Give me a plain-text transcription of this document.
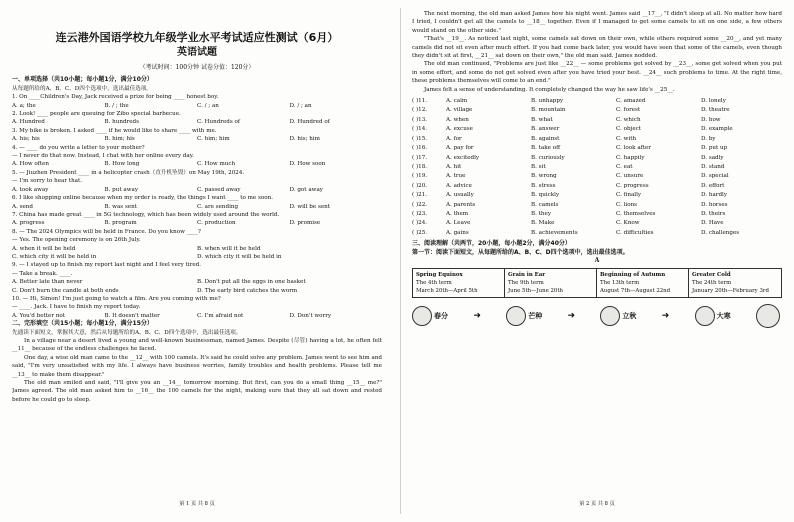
连云港外国语学校九年级学业水平考试适应性测试（6月）
英语试题
（考试时间：100分钟 试卷分值：120分）
一、单项选择（共10小题；每小题1分，满分10分）
从每题所给的A、B、C、D四个选项中，选出最佳选项。
1. On ____Children's Day, Jack received a prize for being ____ honest boy.
A. a; the	B. / ; the	C. / ; an	D. / ; an
2. Look! ____ people are queuing for Zibo special barbecue.
A. Hundred	B. hundreds	C. Hundreds of	D. Hundred of
3. My bike is broken. I asked ____ if he would like to share ____ with me.
A. his; his	B. him; his	C. him; him	D. his; him
4. — ____ do you write a letter to your mother?
— I never do that now. Instead, I chat with her online every day.
A. How often	B. How long	C. How much	D. How soon
5. — Jiuzhen President ____ in a helicopter crash（直升机坠毁）on May 19th, 2024.
— I'm sorry to hear that.
A. took away	B. put away	C. passed away	D. got away
6. I like shopping online because when my order is ready, the things I want ____ to me soon.
A. send	B. was sent	C. are sending	D. will be sent
7. China has made great ____ in 5G technology, which has been widely used around the world.
A. progress	B. program	C. production	D. promise
8. — The 2024 Olympics will be held in France. Do you know ____?
— Yes. The opening ceremony is on 26th July.
A. when it will be held	B. when will it be held
C. which city it will be held in	D. which city it will be held in
9. — I stayed up to finish my report last night and I feel very tired.
— Take a break. ____.
A. Better late than never	B. Don't put all the eggs in one basket
C. Don't burn the candle at both ends	D. The early bird catches the worm
10. — Hi, Simon! I'm just going to watch a film. Are you coming with me?
— ____. Jack. I have to finish my report today.
A. You'd better not	B. It doesn't matter	C. I'm afraid not	D. Don't worry
二、完形填空（共15小题；每小题1分，满分15分）
先通读下面短文，掌握其大意，然后从每题所给的A、B、C、D四个选项中，选出最佳选项。
In a village near a desert lived a young and well-known businessman, named James. Despite (尽管) having a lot, he often felt __11__ because of the endless challenges he faced.
One day, a wise old man came to the __12__ with 100 camels. It's said he could solve any problem. James went to see him and said, "I'm very unsatisfied with my life. I always have business worries, family troubles and health problems. Please tell me __13__ to make them disappear."
The old man smiled and said, "I'll give you an __14__ tomorrow morning. But first, can you do a small thing __15__ me?" James agreed. The old man asked him to __16__ the 100 camels for the night, making sure that they all sat down and rested before he could go to sleep.
第 1 页 共 8 页
The next morning, the old man asked James how his night went. James said __17__, "I didn't sleep at all. No matter how hard I tried, I couldn't get all the camels to __18__ together. Even if I managed to get some camels to sit on one side, a few others would stand on the other side."
"That's __19__. As noticed last night, some camels sat down on their own, while others required some __20__, and yet many camels did not sit even after much effort. If you had come back later, you would have seen that some of the camels, even though they didn't sit at first, __21__ sat down on their own," the old man said. James nodded.
The old man continued, "Problems are just like __22__ — some problems get solved by __23__, some get solved when you put in some effort, and some do not get solved even after you have tried your best. __24__ such problems to time. At the right time, these problems themselves will come to an end."
James felt a sense of understanding. It completely changed the way he saw life's __25__.
( )11.	A. calm	B. unhappy	C. amazed	D. lonely
( )12.	A. village	B. mountain	C. forest	D. theatre
( )13.	A. when	B. what	C. which	D. how
( )14.	A. excuse	B. answer	C. object	D. example
( )15.	A. for	B. against	C. with	D. by
( )16.	A. pay for	B. take off	C. look after	D. put up
( )17.	A. excitedly	B. curiously	C. happily	D. sadly
( )18.	A. hit	B. sit	C. eat	D. stand
( )19.	A. true	B. wrong	C. unsure	D. special
( )20.	A. advice	B. stress	C. progress	D. effort
( )21.	A. usually	B. quickly	C. finally	D. hardly
( )22.	A. parents	B. camels	C. lions	D. horses
( )23.	A. them	B. they	C. themselves	D. theirs
( )24.	A. Leave	B. Make	C. Know	D. Have
( )25.	A. gains	B. achievements	C. difficulties	D. challenges
三、阅读理解（共两节，20小题，每小题2分，满分40分）
第一节：阅读下面短文，从每题所给的A、B、C、D四个选项中，选出最佳选项。
A
Spring Equinox
The 4th term
March 20th—April 5th
Grain in Ear
The 9th term
June 5th—June 20th
Beginning of Autumn
The 13th term
August 7th—August 22nd
Greater Cold
The 24th term
January 20th—February 3rd
春分	➜	芒种	➜	立秋	➜	大寒
第 2 页 共 8 页
